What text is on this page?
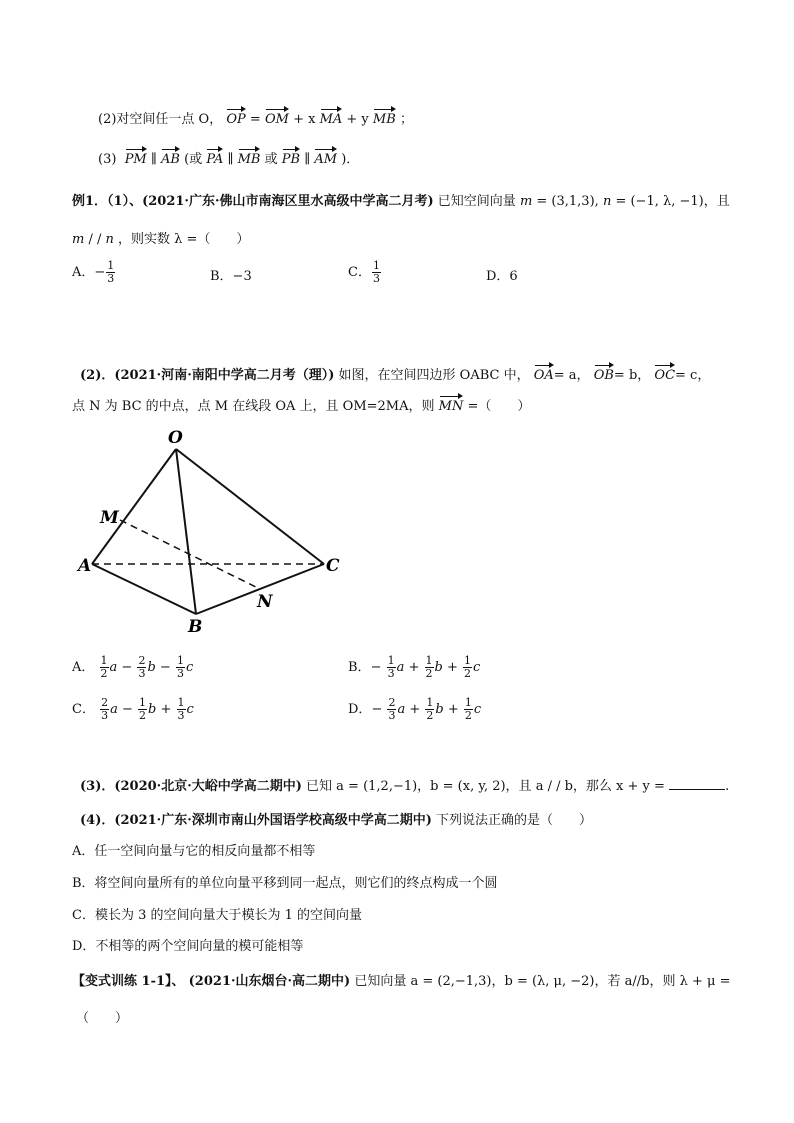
(2)对空间任一点 O， OP = OM + x MA + y MB ；
(3) PM ∥ AB (或 PA ∥ MB 或 PB ∥ AM )．
例1．（1）、(2021·广东·佛山市南海区里水高级中学高二月考) 已知空间向量 m = (3,1,3), n = (−1, λ, −1)，且
m / / n ，则实数 λ =（　　）
A．− $\frac{1}{3}$	B．−3	C． $\frac{1}{3}$	D．6
(2)．(2021·河南·南阳中学高二月考（理）) 如图，在空间四边形 OABC 中， OA= a， OB= b， OC= c，
点 N 为 BC 的中点，点 M 在线段 OA 上，且 OM=2MA，则 MN =（　　）
O
M
A	C
N
B
A． $\frac{1}{2}$ $a - \frac{2}{3}$ $b - \frac{1}{3}$ c	B．− $\frac{1}{3}$ $a + \frac{1}{2}$ $b + \frac{1}{2}$ c
C． $\frac{2}{3}$ $a - \frac{1}{2}$ $b + \frac{1}{3}$ c	D．− $\frac{2}{3}$ $a + \frac{1}{2}$ $b + \frac{1}{2}$ c
(3)．(2020·北京·大峪中学高二期中) 已知 a = (1,2,−1)，b = (x, y, 2)，且 a / / b，那么 x + y =	.
(4)．(2021·广东·深圳市南山外国语学校高级中学高二期中) 下列说法正确的是（　　）
A．任一空间向量与它的相反向量都不相等
B．将空间向量所有的单位向量平移到同一起点，则它们的终点构成一个圆
C．模长为 3 的空间向量大于模长为 1 的空间向量
D．不相等的两个空间向量的模可能相等
【变式训练 1-1】、 (2021·山东烟台·高二期中) 已知向量 a = (2,−1,3)，b = (λ, μ, −2)，若 a//b，则 λ + μ =
（　　）
